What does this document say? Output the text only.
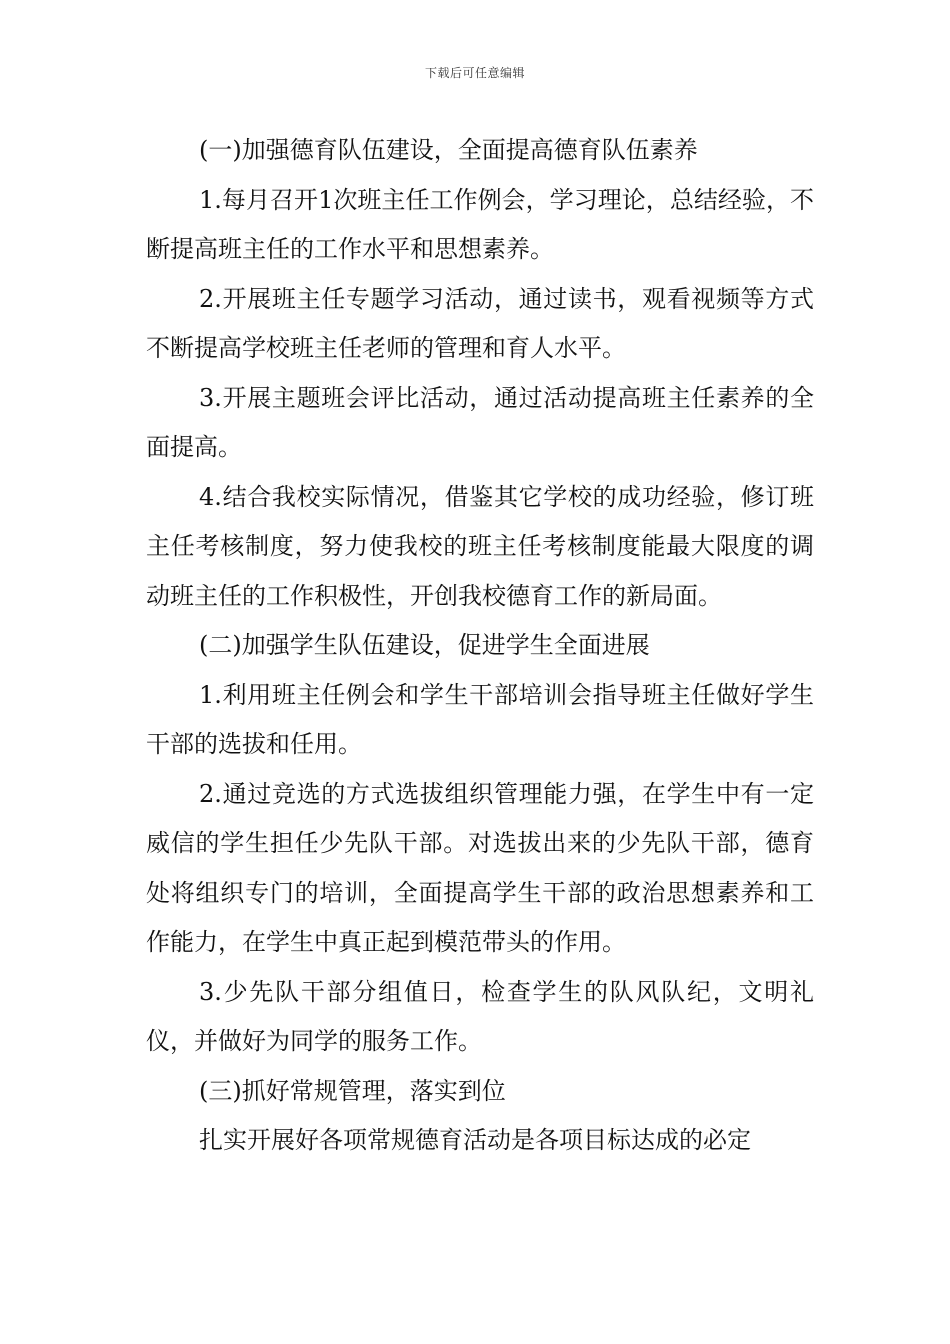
下载后可任意编辑

(一)加强德育队伍建设，全面提高德育队伍素养

1.每月召开1次班主任工作例会，学习理论，总结经验，不断提高班主任的工作水平和思想素养。

2.开展班主任专题学习活动，通过读书，观看视频等方式不断提高学校班主任老师的管理和育人水平。

3.开展主题班会评比活动，通过活动提高班主任素养的全面提高。

4.结合我校实际情况，借鉴其它学校的成功经验，修订班主任考核制度，努力使我校的班主任考核制度能最大限度的调动班主任的工作积极性，开创我校德育工作的新局面。

(二)加强学生队伍建设，促进学生全面进展

1.利用班主任例会和学生干部培训会指导班主任做好学生干部的选拔和任用。

2.通过竞选的方式选拔组织管理能力强，在学生中有一定威信的学生担任少先队干部。对选拔出来的少先队干部，德育处将组织专门的培训，全面提高学生干部的政治思想素养和工作能力，在学生中真正起到模范带头的作用。

3.少先队干部分组值日，检查学生的队风队纪，文明礼仪，并做好为同学的服务工作。

(三)抓好常规管理，落实到位

扎实开展好各项常规德育活动是各项目标达成的必定
